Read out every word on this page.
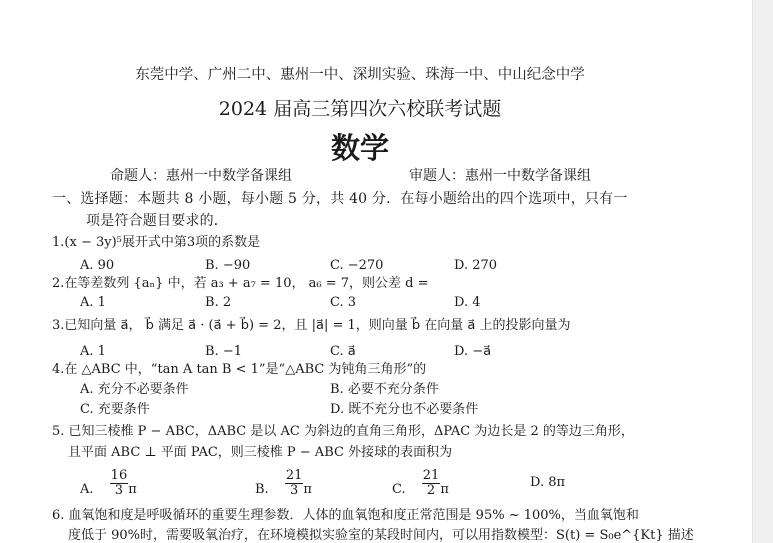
东莞中学、广州二中、惠州一中、深圳实验、珠海一中、中山纪念中学
2024 届高三第四次六校联考试题
数学
命题人：惠州一中数学备课组	审题人：惠州一中数学备课组
一、选择题：本题共 8 小题，每小题 5 分，共 40 分．在每小题给出的四个选项中，只有一
项是符合题目要求的．
1.(x − 3y)⁵展开式中第3项的系数是
A. 90	B. −90	C. −270	D. 270
2.在等差数列 {aₙ} 中，若 a₃ + a₇ = 10， a₆ = 7，则公差 d =
A. 1	B. 2	C. 3	D. 4
3.已知向量 a⃗， b⃗ 满足 a⃗ · (a⃗ + b⃗) = 2，且 |a⃗| = 1，则向量 b⃗ 在向量 a⃗ 上的投影向量为
A. 1	B. −1	C. a⃗	D. −a⃗
4.在 △ABC 中，“tan A tan B < 1”是“△ABC 为钝角三角形”的
A. 充分不必要条件	B. 必要不充分条件
C. 充要条件	D. 既不充分也不必要条件
5. 已知三棱椎 P − ABC，ΔABC 是以 AC 为斜边的直角三角形，ΔPAC 为边长是 2 的等边三角形，
且平面 ABC ⊥ 平面 PAC，则三棱椎 P − ABC 外接球的表面积为
A. $\frac{16}{3}$ π	B. $\frac{21}{3}$ π	C. $\frac{21}{2}$ π	D. 8π
6. 血氧饱和度是呼吸循环的重要生理参数．人体的血氧饱和度正常范围是 95% ~ 100%，当血氧饱和
度低于 90%时，需要吸氧治疗，在环境模拟实验室的某段时间内，可以用指数模型：S(t) = S₀e^{Kt} 描述
